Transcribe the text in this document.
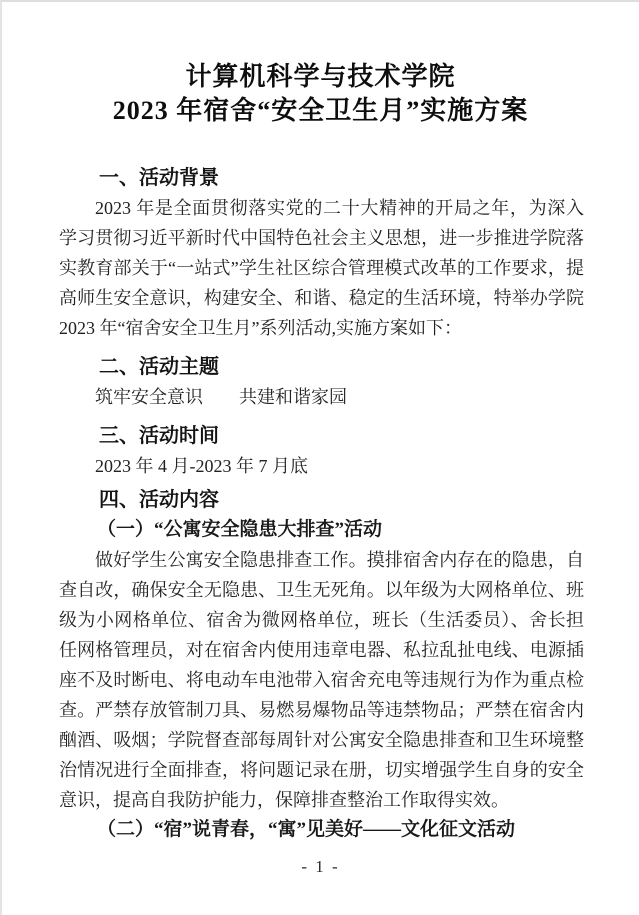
计算机科学与技术学院
2023 年宿舍“安全卫生月”实施方案

一、活动背景

2023 年是全面贯彻落实党的二十大精神的开局之年，为深入学习贯彻习近平新时代中国特色社会主义思想，进一步推进学院落实教育部关于“一站式”学生社区综合管理模式改革的工作要求，提高师生安全意识，构建安全、和谐、稳定的生活环境，特举办学院 2023 年“宿舍安全卫生月”系列活动,实施方案如下：

二、活动主题

筑牢安全意识　　共建和谐家园

三、活动时间

2023 年 4 月-2023 年 7 月底

四、活动内容

（一）“公寓安全隐患大排查”活动

做好学生公寓安全隐患排查工作。摸排宿舍内存在的隐患，自查自改，确保安全无隐患、卫生无死角。以年级为大网格单位、班级为小网格单位、宿舍为微网格单位，班长（生活委员）、舍长担任网格管理员，对在宿舍内使用违章电器、私拉乱扯电线、电源插座不及时断电、将电动车电池带入宿舍充电等违规行为作为重点检查。严禁存放管制刀具、易燃易爆物品等违禁物品；严禁在宿舍内酗酒、吸烟；学院督查部每周针对公寓安全隐患排查和卫生环境整治情况进行全面排查，将问题记录在册，切实增强学生自身的安全意识，提高自我防护能力，保障排查整治工作取得实效。

（二）“宿”说青春，“寓”见美好——文化征文活动

- 1 -
